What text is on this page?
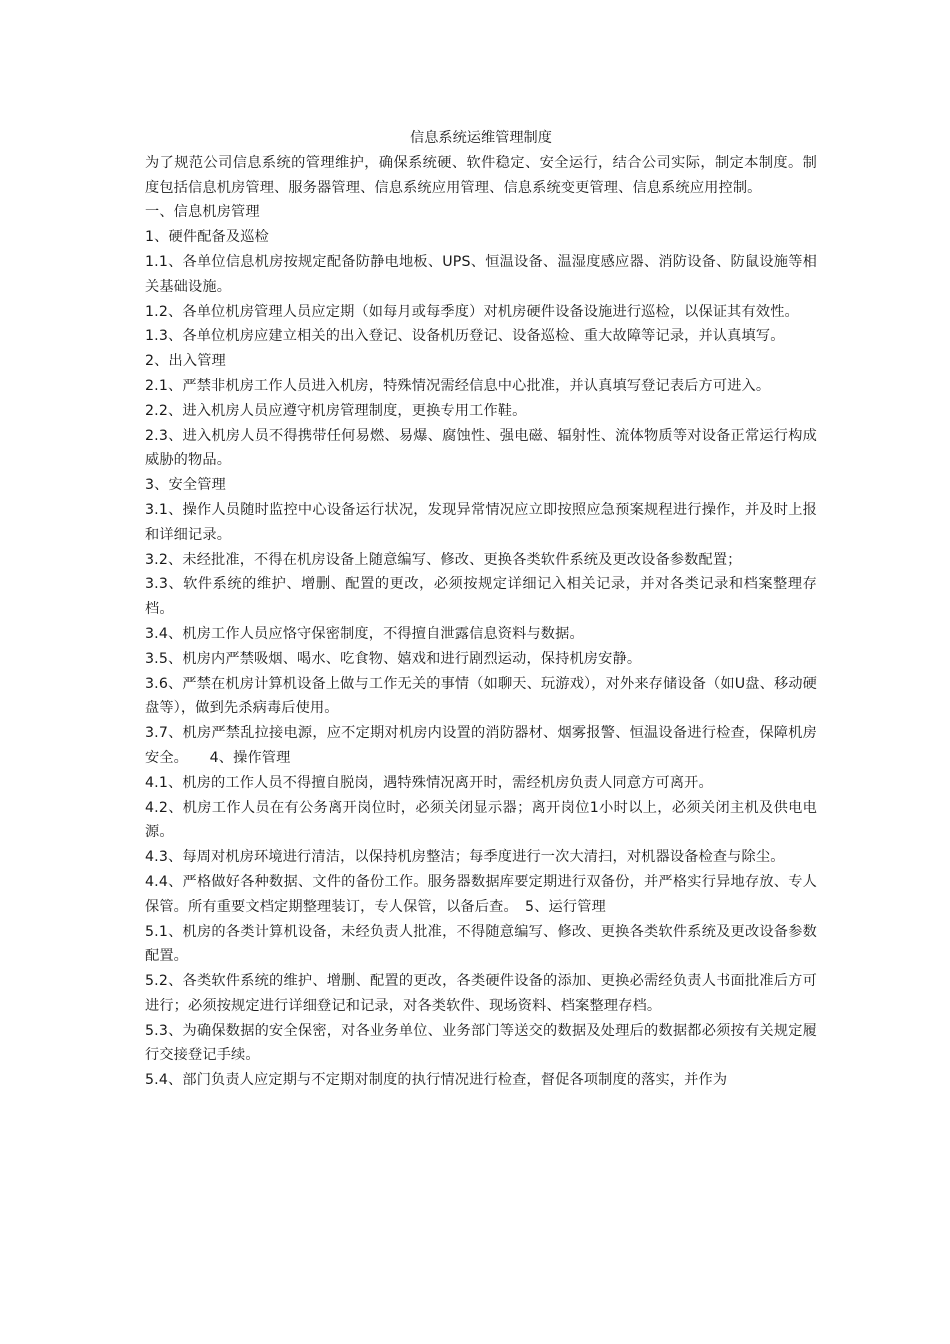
信息系统运维管理制度

为了规范公司信息系统的管理维护，确保系统硬、软件稳定、安全运行，结合公司实际，制定本制度。制度包括信息机房管理、服务器管理、信息系统应用管理、信息系统变更管理、信息系统应用控制。

一、信息机房管理

1、硬件配备及巡检

1.1、各单位信息机房按规定配备防静电地板、UPS、恒温设备、温湿度感应器、消防设备、防鼠设施等相关基础设施。

1.2、各单位机房管理人员应定期（如每月或每季度）对机房硬件设备设施进行巡检，以保证其有效性。

1.3、各单位机房应建立相关的出入登记、设备机历登记、设备巡检、重大故障等记录，并认真填写。

2、出入管理

2.1、严禁非机房工作人员进入机房，特殊情况需经信息中心批准，并认真填写登记表后方可进入。

2.2、进入机房人员应遵守机房管理制度，更换专用工作鞋。

2.3、进入机房人员不得携带任何易燃、易爆、腐蚀性、强电磁、辐射性、流体物质等对设备正常运行构成威胁的物品。

3、安全管理

3.1、操作人员随时监控中心设备运行状况，发现异常情况应立即按照应急预案规程进行操作，并及时上报和详细记录。

3.2、未经批准，不得在机房设备上随意编写、修改、更换各类软件系统及更改设备参数配置；

3.3、软件系统的维护、增删、配置的更改，必须按规定详细记入相关记录，并对各类记录和档案整理存档。

3.4、机房工作人员应恪守保密制度，不得擅自泄露信息资料与数据。

3.5、机房内严禁吸烟、喝水、吃食物、嬉戏和进行剧烈运动，保持机房安静。

3.6、严禁在机房计算机设备上做与工作无关的事情（如聊天、玩游戏），对外来存储设备（如U盘、移动硬盘等），做到先杀病毒后使用。

3.7、机房严禁乱拉接电源，应不定期对机房内设置的消防器材、烟雾报警、恒温设备进行检查，保障机房安全。　　4、操作管理

4.1、机房的工作人员不得擅自脱岗，遇特殊情况离开时，需经机房负责人同意方可离开。

4.2、机房工作人员在有公务离开岗位时，必须关闭显示器；离开岗位1小时以上，必须关闭主机及供电电源。

4.3、每周对机房环境进行清洁，以保持机房整洁；每季度进行一次大清扫，对机器设备检查与除尘。

4.4、严格做好各种数据、文件的备份工作。服务器数据库要定期进行双备份，并严格实行异地存放、专人保管。所有重要文档定期整理装订，专人保管，以备后查。　5、运行管理

5.1、机房的各类计算机设备，未经负责人批准，不得随意编写、修改、更换各类软件系统及更改设备参数配置。

5.2、各类软件系统的维护、增删、配置的更改，各类硬件设备的添加、更换必需经负责人书面批准后方可进行；必须按规定进行详细登记和记录，对各类软件、现场资料、档案整理存档。

5.3、为确保数据的安全保密，对各业务单位、业务部门等送交的数据及处理后的数据都必须按有关规定履行交接登记手续。

5.4、部门负责人应定期与不定期对制度的执行情况进行检查，督促各项制度的落实，并作为
